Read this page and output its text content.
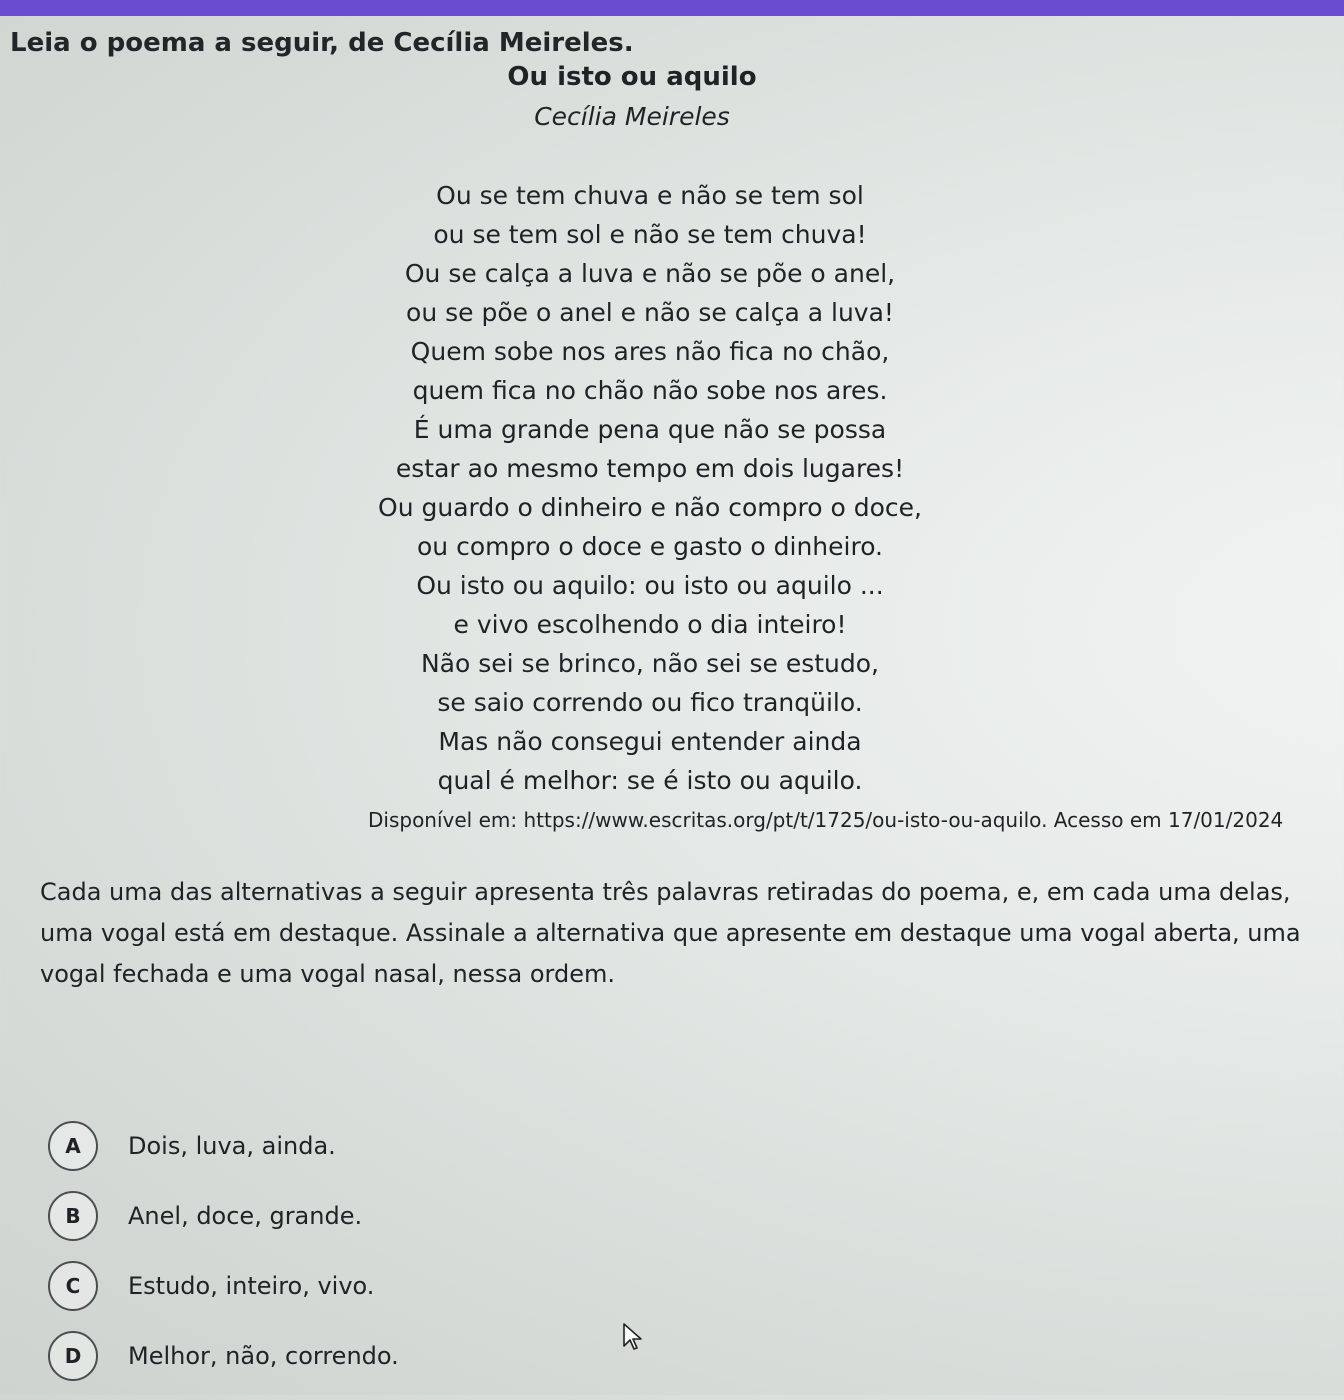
Leia o poema a seguir, de Cecília Meireles.
Ou isto ou aquilo
Cecília Meireles
Ou se tem chuva e não se tem sol
ou se tem sol e não se tem chuva!
Ou se calça a luva e não se põe o anel,
ou se põe o anel e não se calça a luva!
Quem sobe nos ares não fica no chão,
quem fica no chão não sobe nos ares.
É uma grande pena que não se possa
estar ao mesmo tempo em dois lugares!
Ou guardo o dinheiro e não compro o doce,
ou compro o doce e gasto o dinheiro.
Ou isto ou aquilo: ou isto ou aquilo ...
e vivo escolhendo o dia inteiro!
Não sei se brinco, não sei se estudo,
se saio correndo ou fico tranqüilo.
Mas não consegui entender ainda
qual é melhor: se é isto ou aquilo.
Disponível em: https://www.escritas.org/pt/t/1725/ou-isto-ou-aquilo. Acesso em 17/01/2024
Cada uma das alternativas a seguir apresenta três palavras retiradas do poema, e, em cada uma delas, uma vogal está em destaque. Assinale a alternativa que apresente em destaque uma vogal aberta, uma vogal fechada e uma vogal nasal, nessa ordem.
A	Dois, luva, ainda.
B	Anel, doce, grande.
C	Estudo, inteiro, vivo.
D	Melhor, não, correndo.
